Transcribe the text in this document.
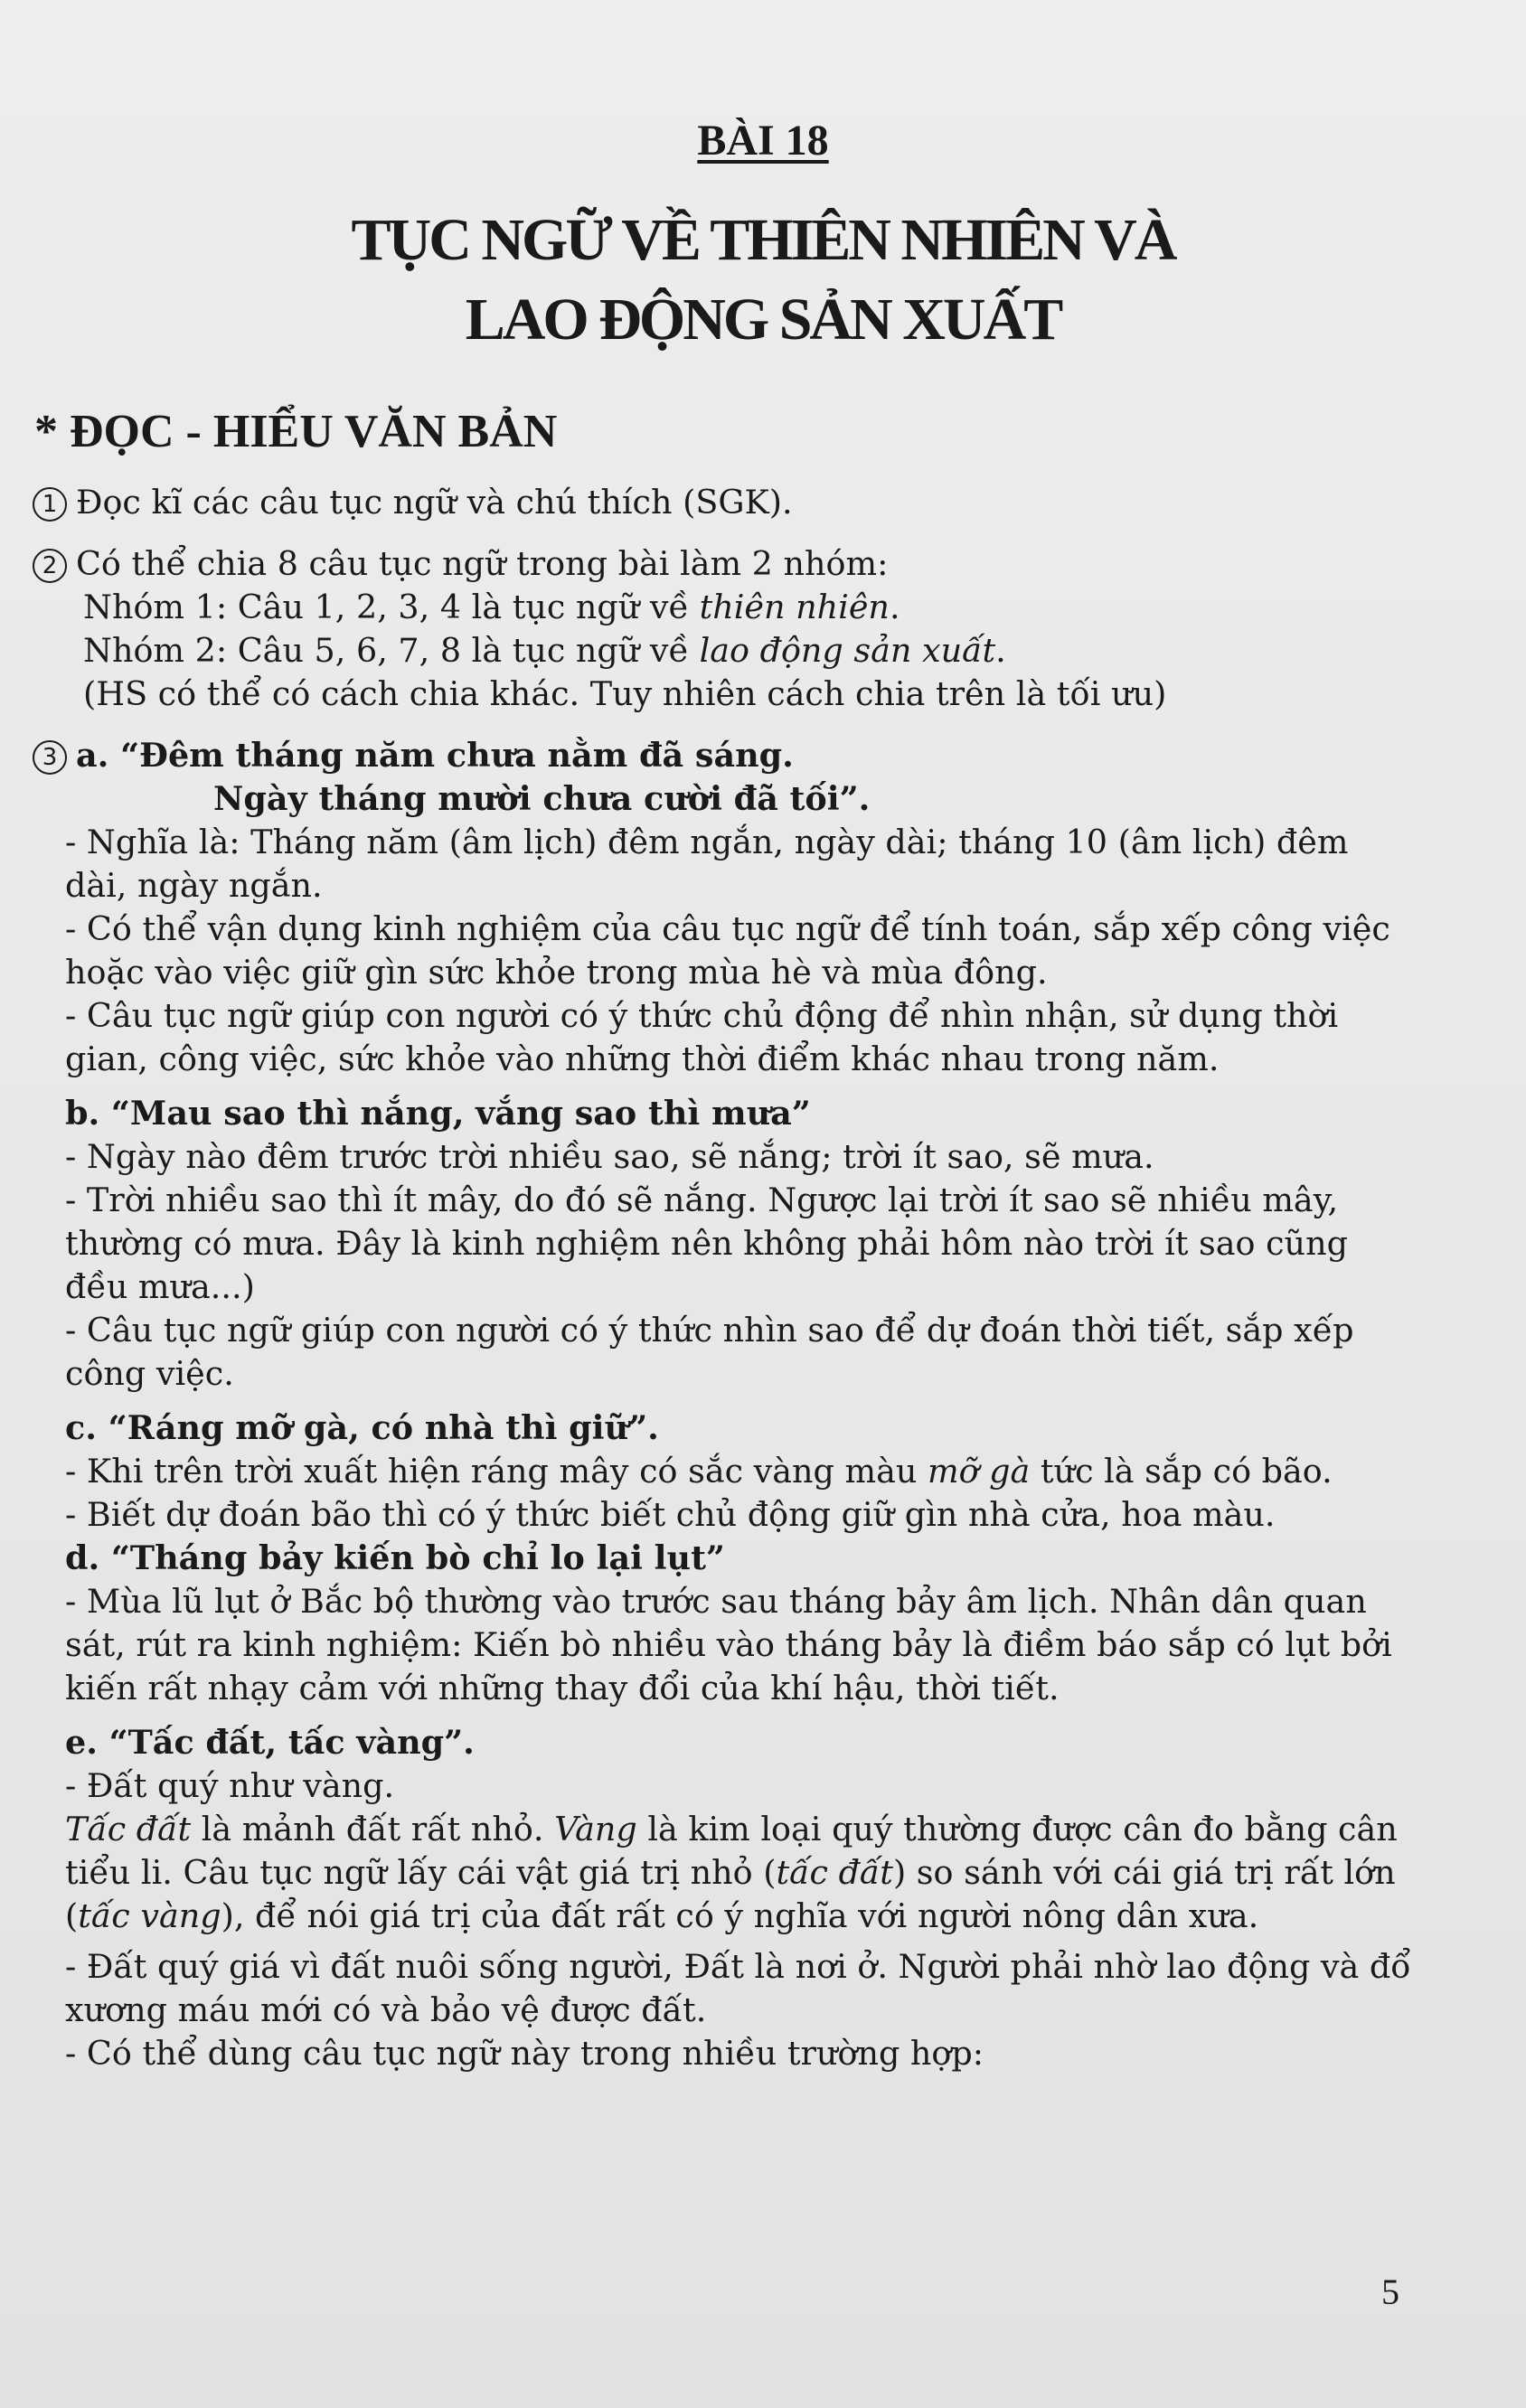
BÀI 18
TỤC NGỮ VỀ THIÊN NHIÊN VÀ
LAO ĐỘNG SẢN XUẤT
* ĐỌC - HIỂU VĂN BẢN

1 Đọc kĩ các câu tục ngữ và chú thích (SGK).

2 Có thể chia 8 câu tục ngữ trong bài làm 2 nhóm:

Nhóm 1: Câu 1, 2, 3, 4 là tục ngữ về thiên nhiên.

Nhóm 2: Câu 5, 6, 7, 8 là tục ngữ về lao động sản xuất.

(HS có thể có cách chia khác. Tuy nhiên cách chia trên là tối ưu)

3 a. “Đêm tháng năm chưa nằm đã sáng.

Ngày tháng mười chưa cười đã tối”.

- Nghĩa là: Tháng năm (âm lịch) đêm ngắn, ngày dài; tháng 10 (âm lịch) đêm dài, ngày ngắn.

- Có thể vận dụng kinh nghiệm của câu tục ngữ để tính toán, sắp xếp công việc hoặc vào việc giữ gìn sức khỏe trong mùa hè và mùa đông.

- Câu tục ngữ giúp con người có ý thức chủ động để nhìn nhận, sử dụng thời gian, công việc, sức khỏe vào những thời điểm khác nhau trong năm.

b. “Mau sao thì nắng, vắng sao thì mưa”

- Ngày nào đêm trước trời nhiều sao, sẽ nắng; trời ít sao, sẽ mưa.

- Trời nhiều sao thì ít mây, do đó sẽ nắng. Ngược lại trời ít sao sẽ nhiều mây, thường có mưa. Đây là kinh nghiệm nên không phải hôm nào trời ít sao cũng đều mưa...)

- Câu tục ngữ giúp con người có ý thức nhìn sao để dự đoán thời tiết, sắp xếp công việc.

c. “Ráng mỡ gà, có nhà thì giữ”.

- Khi trên trời xuất hiện ráng mây có sắc vàng màu mỡ gà tức là sắp có bão.

- Biết dự đoán bão thì có ý thức biết chủ động giữ gìn nhà cửa, hoa màu.

d. “Tháng bảy kiến bò chỉ lo lại lụt”

- Mùa lũ lụt ở Bắc bộ thường vào trước sau tháng bảy âm lịch. Nhân dân quan sát, rút ra kinh nghiệm: Kiến bò nhiều vào tháng bảy là điềm báo sắp có lụt bởi kiến rất nhạy cảm với những thay đổi của khí hậu, thời tiết.

e. “Tấc đất, tấc vàng”.

- Đất quý như vàng.

Tấc đất là mảnh đất rất nhỏ. Vàng là kim loại quý thường được cân đo bằng cân tiểu li. Câu tục ngữ lấy cái vật giá trị nhỏ (tấc đất) so sánh với cái giá trị rất lớn (tấc vàng), để nói giá trị của đất rất có ý nghĩa với người nông dân xưa.

- Đất quý giá vì đất nuôi sống người, Đất là nơi ở. Người phải nhờ lao động và đổ xương máu mới có và bảo vệ được đất.

- Có thể dùng câu tục ngữ này trong nhiều trường hợp:

5
